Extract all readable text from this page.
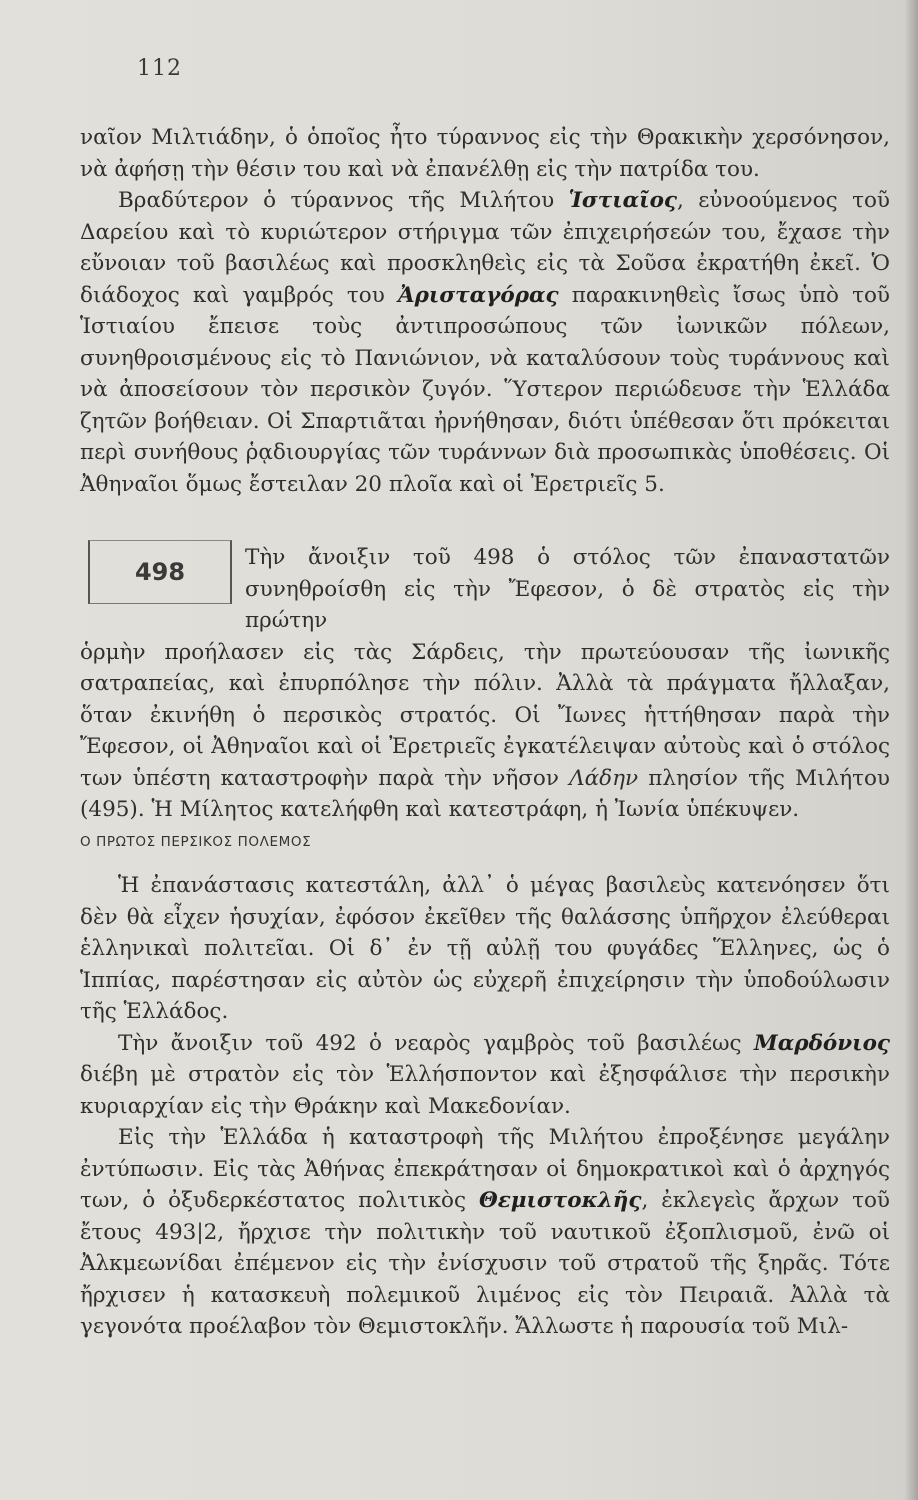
112

ναῖον Μιλτιάδην, ὁ ὁποῖος ἦτο τύραννος εἰς τὴν Θρακικὴν χερσόνησον, νὰ ἀφήσῃ τὴν θέσιν του καὶ νὰ ἐπανέλθῃ εἰς τὴν πατρίδα του.

Βραδύτερον ὁ τύραννος τῆς Μιλήτου Ἱστιαῖος, εὐνοούμενος τοῦ Δαρείου καὶ τὸ κυριώτερον στήριγμα τῶν ἐπιχειρήσεών του, ἔχασε τὴν εὔνοιαν τοῦ βασιλέως καὶ προσκληθεὶς εἰς τὰ Σοῦσα ἐκρατήθη ἐκεῖ. Ὁ διάδοχος καὶ γαμβρός του Ἀρισταγόρας παρακινηθεὶς ἴσως ὑπὸ τοῦ Ἱστιαίου ἔπεισε τοὺς ἀντιπροσώπους τῶν ἰωνικῶν πόλεων, συνηθροισμένους εἰς τὸ Πανιώνιον, νὰ καταλύσουν τοὺς τυράννους καὶ νὰ ἀποσείσουν τὸν περσικὸν ζυγόν. Ὕστερον περιώδευσε τὴν Ἑλλάδα ζητῶν βοήθειαν. Οἱ Σπαρτιᾶται ἠρνήθησαν, διότι ὑπέθεσαν ὅτι πρόκειται περὶ συνήθους ῥᾳδιουργίας τῶν τυράννων διὰ προσωπικὰς ὑποθέσεις. Οἱ Ἀθηναῖοι ὅμως ἔστειλαν 20 πλοῖα καὶ οἱ Ἐρετριεῖς 5.

498

Τὴν ἄνοιξιν τοῦ 498 ὁ στόλος τῶν ἐπαναστατῶν συνηθροίσθη εἰς τὴν Ἔφεσον, ὁ δὲ στρατὸς εἰς τὴν πρώτην

ὁρμὴν προήλασεν εἰς τὰς Σάρδεις, τὴν πρωτεύουσαν τῆς ἰωνικῆς σατραπείας, καὶ ἐπυρπόλησε τὴν πόλιν. Ἀλλὰ τὰ πράγματα ἤλλαξαν, ὅταν ἐκινήθη ὁ περσικὸς στρατός. Οἱ Ἴωνες ἡττήθησαν παρὰ τὴν Ἔφεσον, οἱ Ἀθηναῖοι καὶ οἱ Ἐρετριεῖς ἐγκατέλειψαν αὐτοὺς καὶ ὁ στόλος των ὑπέστη καταστροφὴν παρὰ τὴν νῆσον Λάδην πλησίον τῆς Μιλήτου (495). Ἡ Μίλητος κατελήφθη καὶ κατεστράφη, ἡ Ἰωνία ὑπέκυψεν.

Ο ΠΡΩΤΟΣ ΠΕΡΣΙΚΟΣ ΠΟΛΕΜΟΣ

Ἡ ἐπανάστασις κατεστάλη, ἀλλ᾽ ὁ μέγας βασιλεὺς κατενόησεν ὅτι δὲν θὰ εἶχεν ἡσυχίαν, ἐφόσον ἐκεῖθεν τῆς θαλάσσης ὑπῆρχον ἐλεύθεραι ἑλληνικαὶ πολιτεῖαι. Οἱ δ᾽ ἐν τῇ αὐλῇ του φυγάδες Ἕλληνες, ὡς ὁ Ἱππίας, παρέστησαν εἰς αὐτὸν ὡς εὐχερῆ ἐπιχείρησιν τὴν ὑποδούλωσιν τῆς Ἑλλάδος.

Τὴν ἄνοιξιν τοῦ 492 ὁ νεαρὸς γαμβρὸς τοῦ βασιλέως Μαρδόνιος διέβη μὲ στρατὸν εἰς τὸν Ἑλλήσποντον καὶ ἐξησφάλισε τὴν περσικὴν κυριαρχίαν εἰς τὴν Θράκην καὶ Μακεδονίαν.

Εἰς τὴν Ἑλλάδα ἡ καταστροφὴ τῆς Μιλήτου ἐπροξένησε μεγάλην ἐντύπωσιν. Εἰς τὰς Ἀθήνας ἐπεκράτησαν οἱ δημοκρατικοὶ καὶ ὁ ἀρχηγός των, ὁ ὀξυδερκέστατος πολιτικὸς Θεμιστοκλῆς, ἐκλεγεὶς ἄρχων τοῦ ἔτους 493|2, ἤρχισε τὴν πολιτικὴν τοῦ ναυτικοῦ ἐξοπλισμοῦ, ἐνῶ οἱ Ἀλκμεωνίδαι ἐπέμενον εἰς τὴν ἐνίσχυσιν τοῦ στρατοῦ τῆς ξηρᾶς. Τότε ἤρχισεν ἡ κατασκευὴ πολεμικοῦ λιμένος εἰς τὸν Πειραιᾶ. Ἀλλὰ τὰ γεγονότα προέλαβον τὸν Θεμιστοκλῆν. Ἄλλωστε ἡ παρουσία τοῦ Μιλ-
